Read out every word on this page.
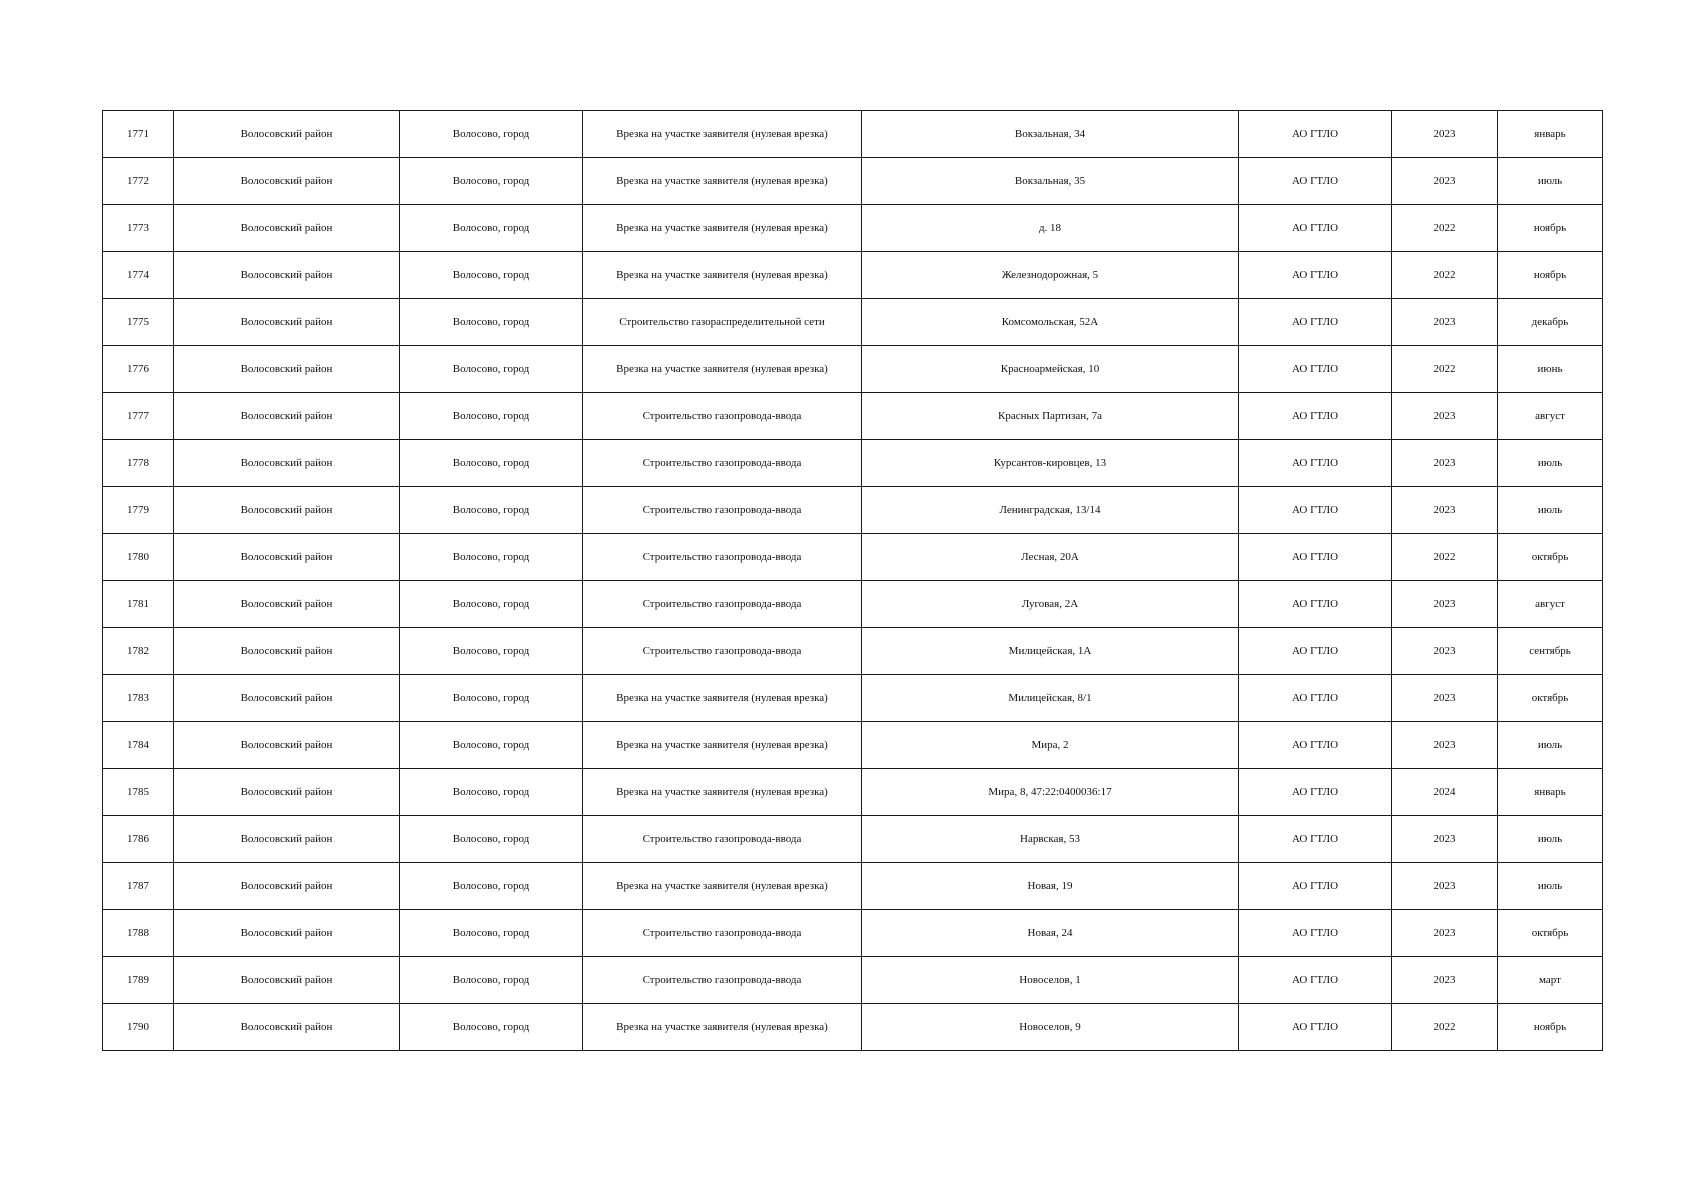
1771	Волосовский район	Волосово, город	Врезка на участке заявителя (нулевая врезка)	Вокзальная, 34	АО ГТЛО	2023	январь
1772	Волосовский район	Волосово, город	Врезка на участке заявителя (нулевая врезка)	Вокзальная, 35	АО ГТЛО	2023	июль
1773	Волосовский район	Волосово, город	Врезка на участке заявителя (нулевая врезка)	д. 18	АО ГТЛО	2022	ноябрь
1774	Волосовский район	Волосово, город	Врезка на участке заявителя (нулевая врезка)	Железнодорожная, 5	АО ГТЛО	2022	ноябрь
1775	Волосовский район	Волосово, город	Строительство газораспределительной сети	Комсомольская, 52А	АО ГТЛО	2023	декабрь
1776	Волосовский район	Волосово, город	Врезка на участке заявителя (нулевая врезка)	Красноармейская, 10	АО ГТЛО	2022	июнь
1777	Волосовский район	Волосово, город	Строительство газопровода-ввода	Красных Партизан, 7а	АО ГТЛО	2023	август
1778	Волосовский район	Волосово, город	Строительство газопровода-ввода	Курсантов-кировцев, 13	АО ГТЛО	2023	июль
1779	Волосовский район	Волосово, город	Строительство газопровода-ввода	Ленинградская, 13/14	АО ГТЛО	2023	июль
1780	Волосовский район	Волосово, город	Строительство газопровода-ввода	Лесная, 20А	АО ГТЛО	2022	октябрь
1781	Волосовский район	Волосово, город	Строительство газопровода-ввода	Луговая, 2А	АО ГТЛО	2023	август
1782	Волосовский район	Волосово, город	Строительство газопровода-ввода	Милицейская, 1А	АО ГТЛО	2023	сентябрь
1783	Волосовский район	Волосово, город	Врезка на участке заявителя (нулевая врезка)	Милицейская, 8/1	АО ГТЛО	2023	октябрь
1784	Волосовский район	Волосово, город	Врезка на участке заявителя (нулевая врезка)	Мира, 2	АО ГТЛО	2023	июль
1785	Волосовский район	Волосово, город	Врезка на участке заявителя (нулевая врезка)	Мира, 8, 47:22:0400036:17	АО ГТЛО	2024	январь
1786	Волосовский район	Волосово, город	Строительство газопровода-ввода	Нарвская, 53	АО ГТЛО	2023	июль
1787	Волосовский район	Волосово, город	Врезка на участке заявителя (нулевая врезка)	Новая, 19	АО ГТЛО	2023	июль
1788	Волосовский район	Волосово, город	Строительство газопровода-ввода	Новая, 24	АО ГТЛО	2023	октябрь
1789	Волосовский район	Волосово, город	Строительство газопровода-ввода	Новоселов, 1	АО ГТЛО	2023	март
1790	Волосовский район	Волосово, город	Врезка на участке заявителя (нулевая врезка)	Новоселов, 9	АО ГТЛО	2022	ноябрь
